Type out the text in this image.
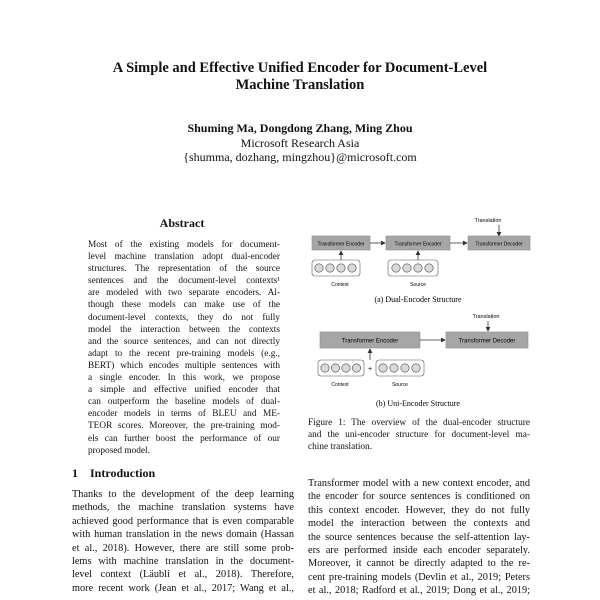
A Simple and Effective Unified Encoder for Document-Level
Machine Translation
Shuming Ma, Dongdong Zhang, Ming Zhou
Microsoft Research Asia
{shumma, dozhang, mingzhou}@microsoft.com
Abstract
Most of the existing models for document-
level machine translation adopt dual-encoder
structures. The representation of the source
sentences and the document-level contexts¹
are modeled with two separate encoders. Al-
though these models can make use of the
document-level contexts, they do not fully
model the interaction between the contexts
and the source sentences, and can not directly
adapt to the recent pre-training models (e.g.,
BERT) which encodes multiple sentences with
a single encoder. In this work, we propose
a simple and effective unified encoder that
can outperform the baseline models of dual-
encoder models in terms of BLEU and ME-
TEOR scores. Moreover, the pre-training mod-
els can further boost the performance of our
proposed model.
1 Introduction
Thanks to the development of the deep learning
methods, the machine translation systems have
achieved good performance that is even comparable
with human translation in the news domain (Hassan
et al., 2018). However, there are still some prob-
lems with machine translation in the document-
level context (Läubli et al., 2018). Therefore,
more recent work (Jean et al., 2017; Wang et al.,
Translation
Transformer Encoder	Transformer Encoder	Transformer Decoder
Context	Source
(a) Dual-Encoder Structure
Translation
Transformer Encoder	Transformer Decoder
Context
+
Source
(b) Uni-Encoder Structure
Figure 1: The overview of the dual-encoder structure
and the uni-encoder structure for document-level ma-
chine translation.
Transformer model with a new context encoder, and
the encoder for source sentences is conditioned on
this context encoder. However, they do not fully
model the interaction between the contexts and
the source sentences because the self-attention lay-
ers are performed inside each encoder separately.
Moreover, it cannot be directly adapted to the re-
cent pre-training models (Devlin et al., 2019; Peters
et al., 2018; Radford et al., 2019; Dong et al., 2019;
